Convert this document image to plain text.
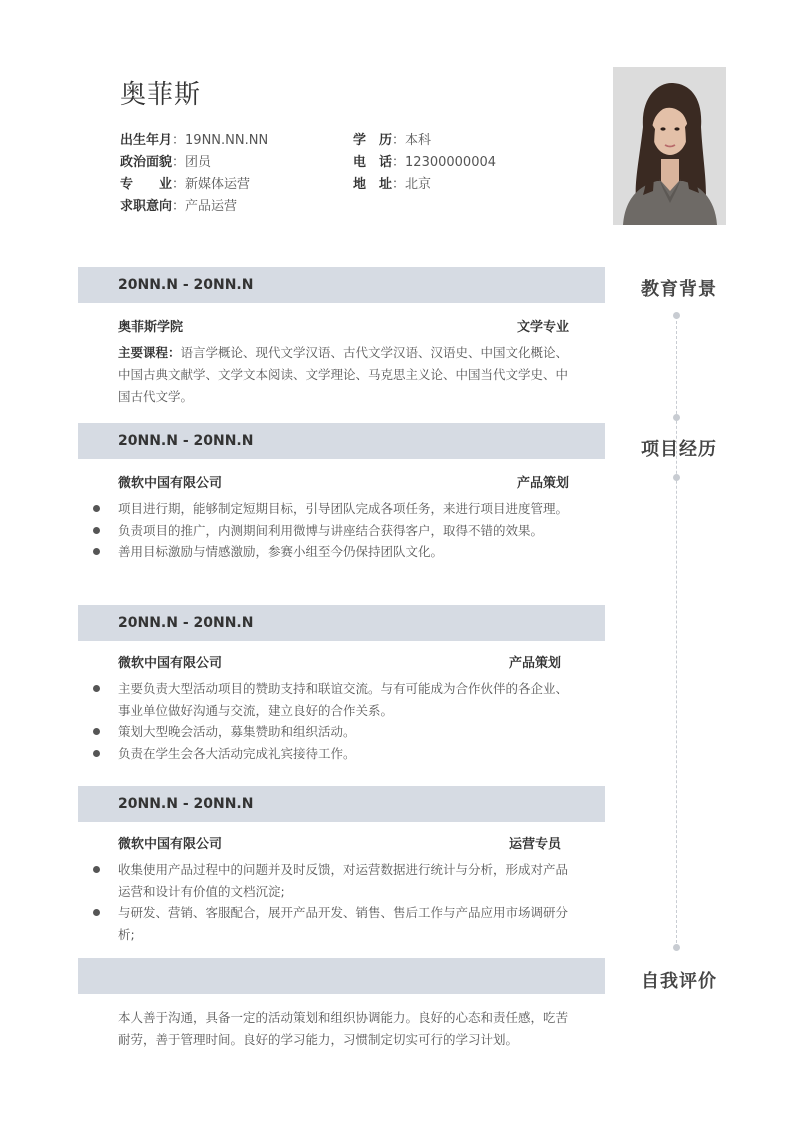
奥菲斯
出生年月：19NN.NN.NN
政治面貌：团员
专　　业：新媒体运营
求职意向：产品运营
学　历：本科
电　话：12300000004
地　址：北京
教育背景
项目经历
自我评价
20NN.N - 20NN.N
奥菲斯学院	文学专业
主要课程：语言学概论、现代文学汉语、古代文学汉语、汉语史、中国文化概论、中国古典文献学、文学文本阅读、文学理论、马克思主义论、中国当代文学史、中国古代文学。
20NN.N - 20NN.N
微软中国有限公司	产品策划
项目进行期，能够制定短期目标，引导团队完成各项任务，来进行项目进度管理。
负责项目的推广，内测期间利用微博与讲座结合获得客户，取得不错的效果。
善用目标激励与情感激励，参赛小组至今仍保持团队文化。
20NN.N - 20NN.N
微软中国有限公司	产品策划
主要负责大型活动项目的赞助支持和联谊交流。与有可能成为合作伙伴的各企业、事业单位做好沟通与交流，建立良好的合作关系。
策划大型晚会活动，募集赞助和组织活动。
负责在学生会各大活动完成礼宾接待工作。
20NN.N - 20NN.N
微软中国有限公司	运营专员
收集使用产品过程中的问题并及时反馈，对运营数据进行统计与分析，形成对产品运营和设计有价值的文档沉淀;
与研发、营销、客服配合，展开产品开发、销售、售后工作与产品应用市场调研分析;
本人善于沟通，具备一定的活动策划和组织协调能力。良好的心态和责任感，吃苦耐劳，善于管理时间。良好的学习能力，习惯制定切实可行的学习计划。
